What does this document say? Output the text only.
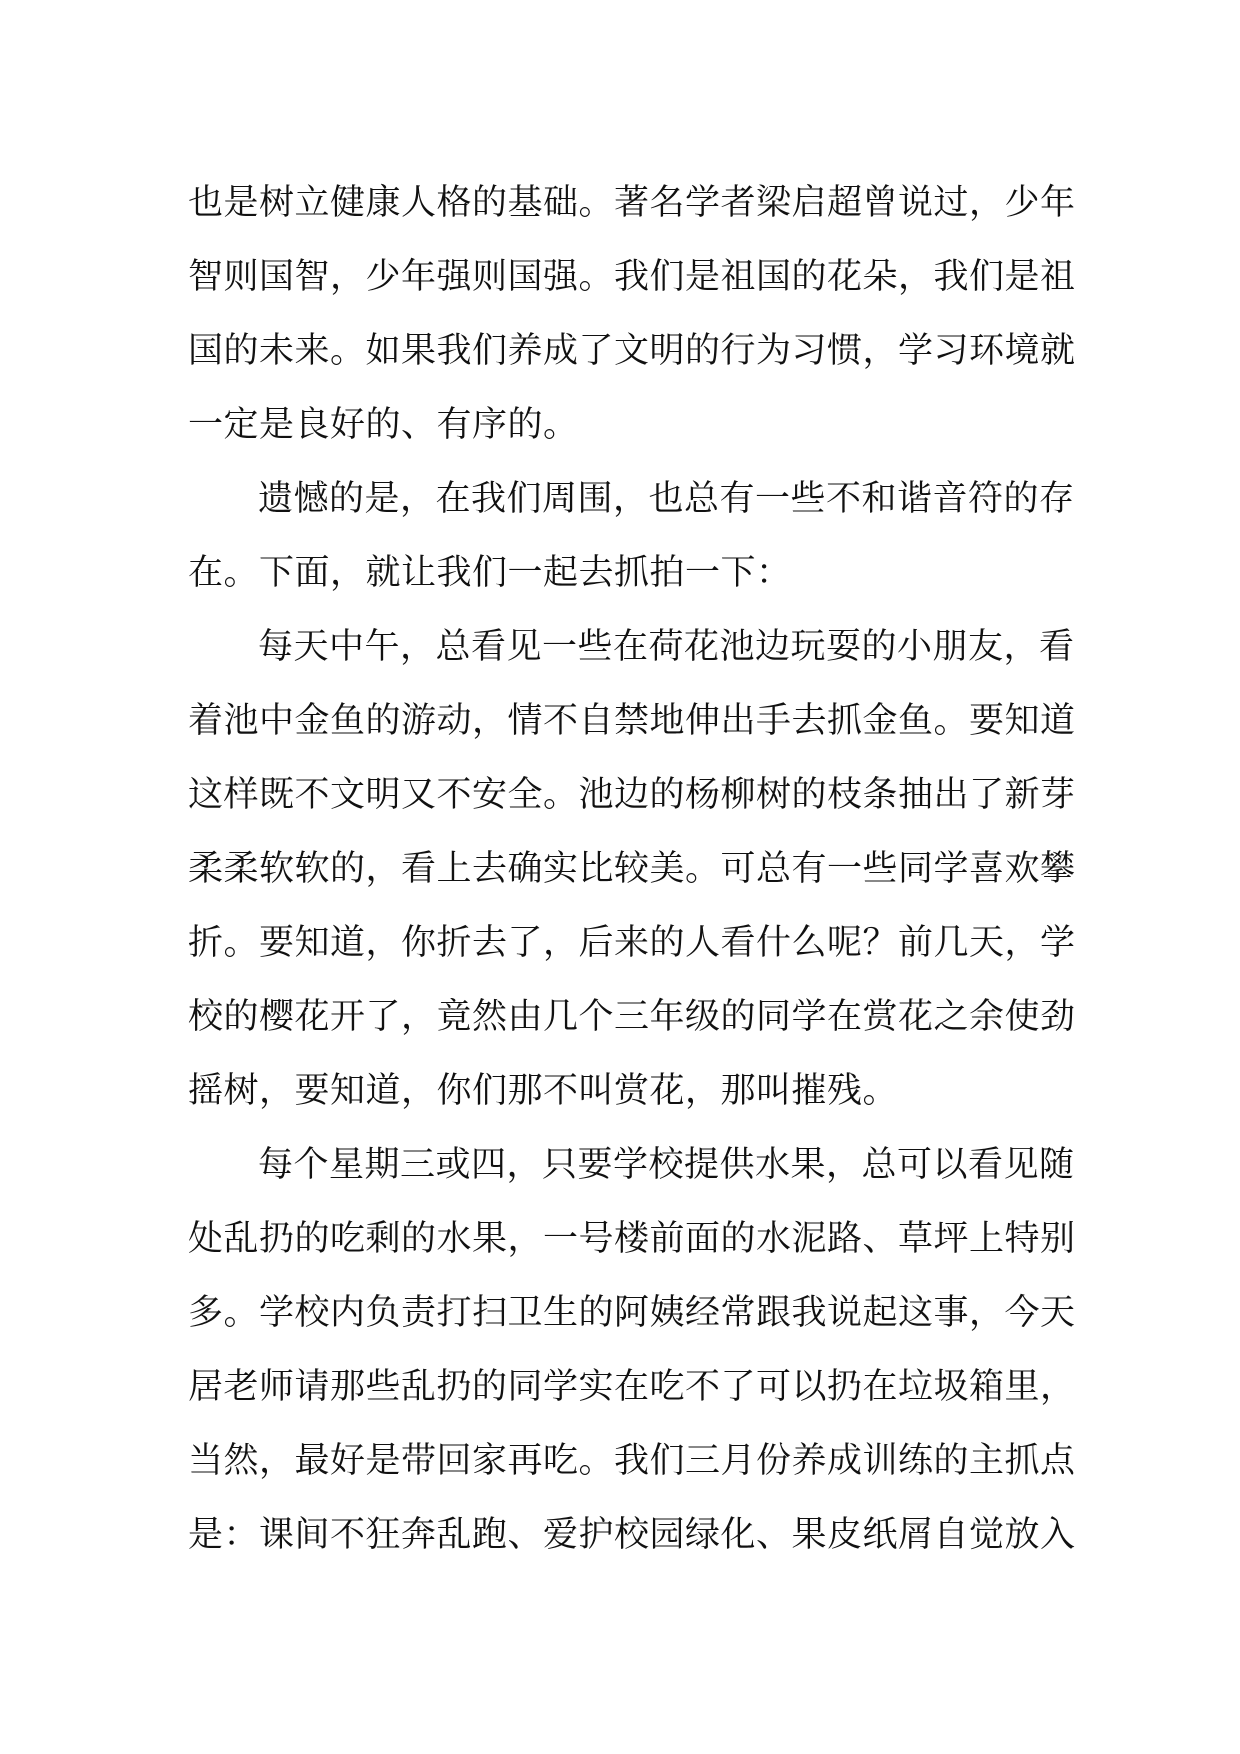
也是树立健康人格的基础。著名学者梁启超曾说过，少年
智则国智，少年强则国强。我们是祖国的花朵，我们是祖
国的未来。如果我们养成了文明的行为习惯，学习环境就
一定是良好的、有序的。
遗憾的是，在我们周围，也总有一些不和谐音符的存
在。下面，就让我们一起去抓拍一下：
每天中午，总看见一些在荷花池边玩耍的小朋友，看
着池中金鱼的游动，情不自禁地伸出手去抓金鱼。要知道
这样既不文明又不安全。池边的杨柳树的枝条抽出了新芽
柔柔软软的，看上去确实比较美。可总有一些同学喜欢攀
折。要知道，你折去了，后来的人看什么呢？前几天，学
校的樱花开了，竟然由几个三年级的同学在赏花之余使劲
摇树，要知道，你们那不叫赏花，那叫摧残。
每个星期三或四，只要学校提供水果，总可以看见随
处乱扔的吃剩的水果，一号楼前面的水泥路、草坪上特别
多。学校内负责打扫卫生的阿姨经常跟我说起这事，今天
居老师请那些乱扔的同学实在吃不了可以扔在垃圾箱里，
当然，最好是带回家再吃。我们三月份养成训练的主抓点
是：课间不狂奔乱跑、爱护校园绿化、果皮纸屑自觉放入
